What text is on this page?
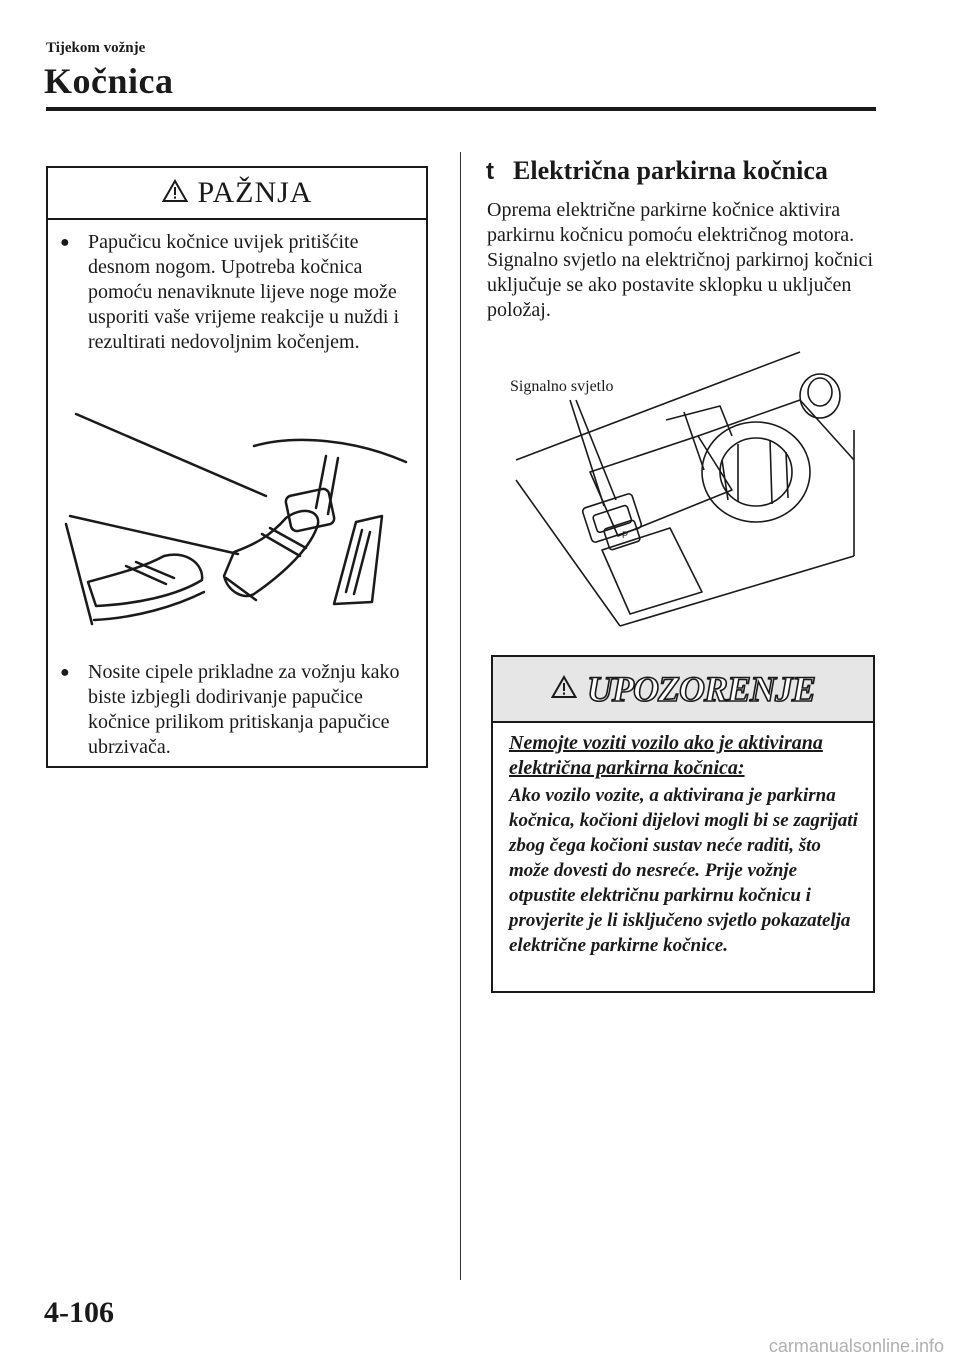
Tijekom vožnje
Kočnica
PAŽNJA
● Papučicu kočnice uvijek pritišćite desnom nogom. Upotreba kočnica pomoću nenaviknute lijeve noge može usporiti vaše vrijeme reakcije u nuždi i rezultirati nedovoljnim kočenjem.
● Nosite cipele prikladne za vožnju kako biste izbjegli dodirivanje papučice kočnice prilikom pritiskanja papučice ubrzivača.
t Električna parkirna kočnica
Oprema električne parkirne kočnice aktivira parkirnu kočnicu pomoću električnog motora. Signalno svjetlo na električnoj parkirnoj kočnici uključuje se ako postavite sklopku u uključen položaj.
P
Signalno svjetlo
UPOZORENJE
Nemojte voziti vozilo ako je aktivirana električna parkirna kočnica:
Ako vozilo vozite, a aktivirana je parkirna kočnica, kočioni dijelovi mogli bi se zagrijati zbog čega kočioni sustav neće raditi, što može dovesti do nesreće. Prije vožnje otpustite električnu parkirnu kočnicu i provjerite je li isključeno svjetlo pokazatelja električne parkirne kočnice.
4-106
carmanualsonline.info
